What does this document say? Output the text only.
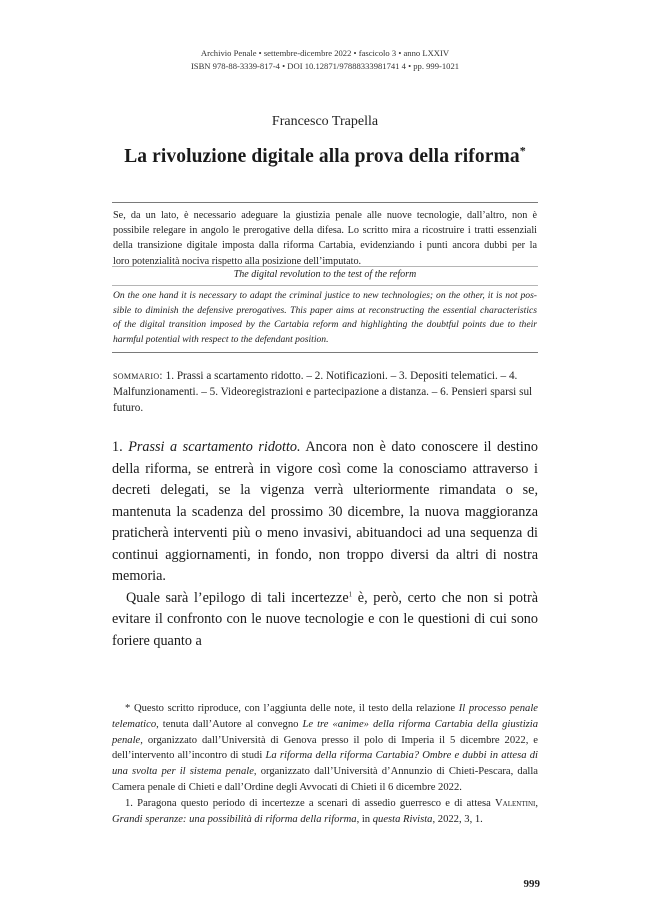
Archivio Penale • settembre-dicembre 2022 • fascicolo 3 • anno LXXIV
ISBN 978-88-3339-817-4 • DOI 10.12871/97888333981741 4 • pp. 999-1021
Francesco Trapella
La rivoluzione digitale alla prova della riforma*
Se, da un lato, è necessario adeguare la giustizia penale alle nuove tecnologie, dall’altro, non è
possibile relegare in angolo le prerogative della difesa. Lo scritto mira a ricostruire i tratti essenziali
della transizione digitale imposta dalla riforma Cartabia, evidenziando i punti ancora dubbi per la
loro potenzialità nociva rispetto alla posizione dell’imputato.
The digital revolution to the test of the reform
On the one hand it is necessary to adapt the criminal justice to new technologies; on the other, it is not pos-
sible to diminish the defensive prerogatives. This paper aims at reconstructing the essential characteristics
of the digital transition imposed by the Cartabia reform and highlighting the doubtful points due to their
harmful potential with respect to the defendant position.
sommario: 1. Prassi a scartamento ridotto. – 2. Notificazioni. – 3. Depositi telematici. – 4. Malfunzionamenti. – 5. Videoregistrazioni e partecipazione a distanza. – 6. Pensieri sparsi sul futuro.

1. Prassi a scartamento ridotto. Ancora non è dato conoscere il destino della riforma, se entrerà in vigore così come la conosciamo attraverso i decreti delegati, se la vigenza verrà ulteriormente rimandata o se, mantenuta la scadenza del prossimo 30 dicembre, la nuova maggioranza praticherà interventi più o meno invasivi, abituandoci ad una sequenza di continui aggiornamenti, in fondo, non troppo diversi da altri di nostra memoria.

Quale sarà l’epilogo di tali incertezze$^1$ è, però, certo che non si potrà evitare il confronto con le nuove tecnologie e con le questioni di cui sono foriere quanto a

* Questo scritto riproduce, con l’aggiunta delle note, il testo della relazione Il processo penale telematico, tenuta dall’Autore al convegno Le tre «anime» della riforma Cartabia della giustizia penale, organizzato dall’Università di Genova presso il polo di Imperia il 5 dicembre 2022, e dell’intervento all’incontro di studi La riforma della riforma Cartabia? Ombre e dubbi in attesa di una svolta per il sistema penale, organizzato dall’Università d’Annunzio di Chieti-Pescara, dalla Camera penale di Chieti e dall’Ordine degli Avvocati di Chieti il 6 dicembre 2022.

1. Paragona questo periodo di incertezze a scenari di assedio guerresco e di attesa Valentini, Grandi speranze: una possibilità di riforma della riforma, in questa Rivista, 2022, 3, 1.

999
